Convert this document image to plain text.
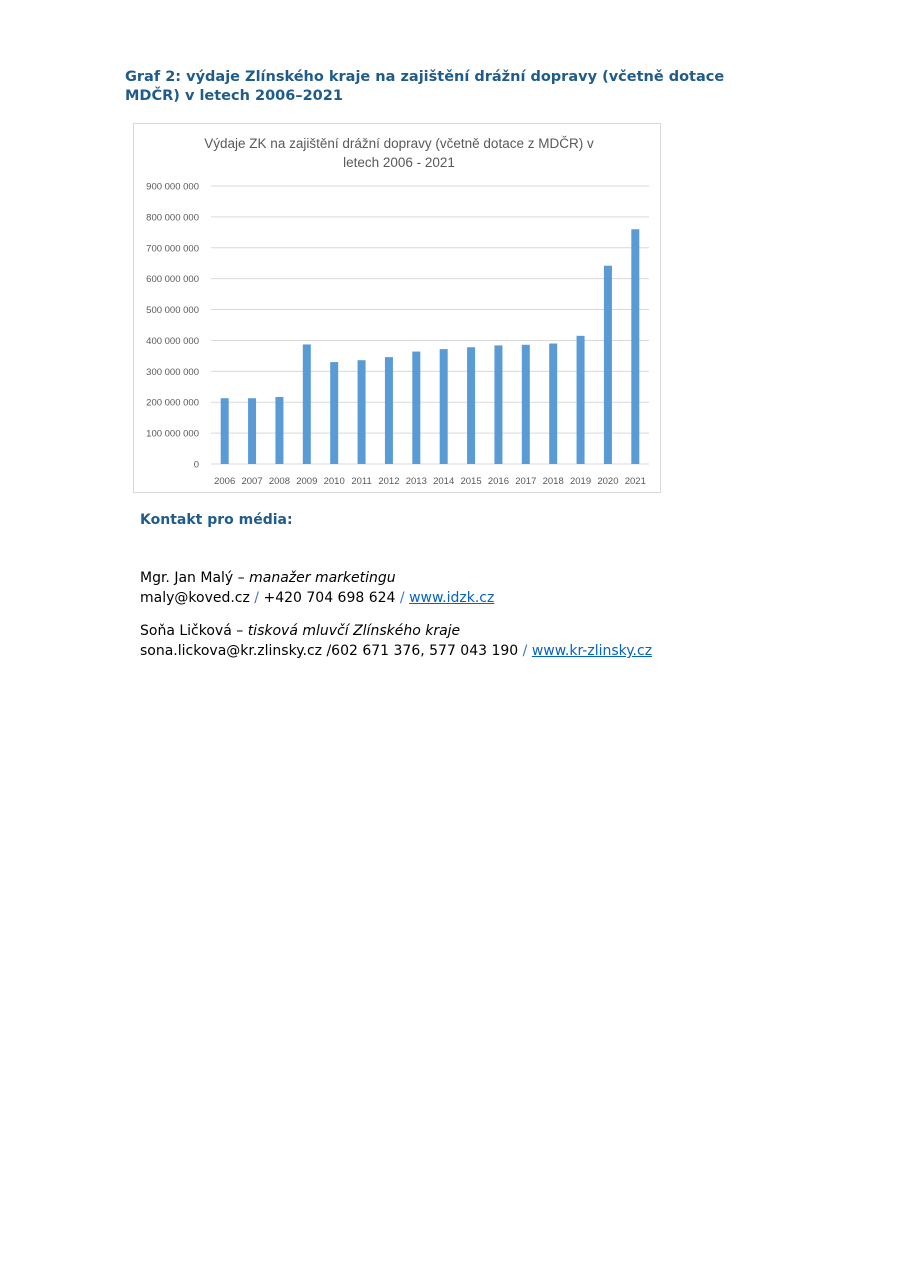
Graf 2: výdaje Zlínského kraje na zajištění drážní dopravy (včetně dotace MDČR) v letech 2006–2021
0
100 000 000
200 000 000
300 000 000
400 000 000
500 000 000
600 000 000
700 000 000
800 000 000
900 000 000
2006 2007 2008 2009 2010 2011 2012 2013 2014 2015 2016 2017 2018 2019 2020 2021
Výdaje ZK na zajištění drážní dopravy (včetně dotace z MDČR) v
letech 2006 - 2021
Kontakt pro média:
Mgr. Jan Malý – manažer marketingu
maly@koved.cz / +420 704 698 624 / www.idzk.cz
Soňa Ličková – tisková mluvčí Zlínského kraje
sona.lickova@kr.zlinsky.cz /602 671 376, 577 043 190 / www.kr-zlinsky.cz
